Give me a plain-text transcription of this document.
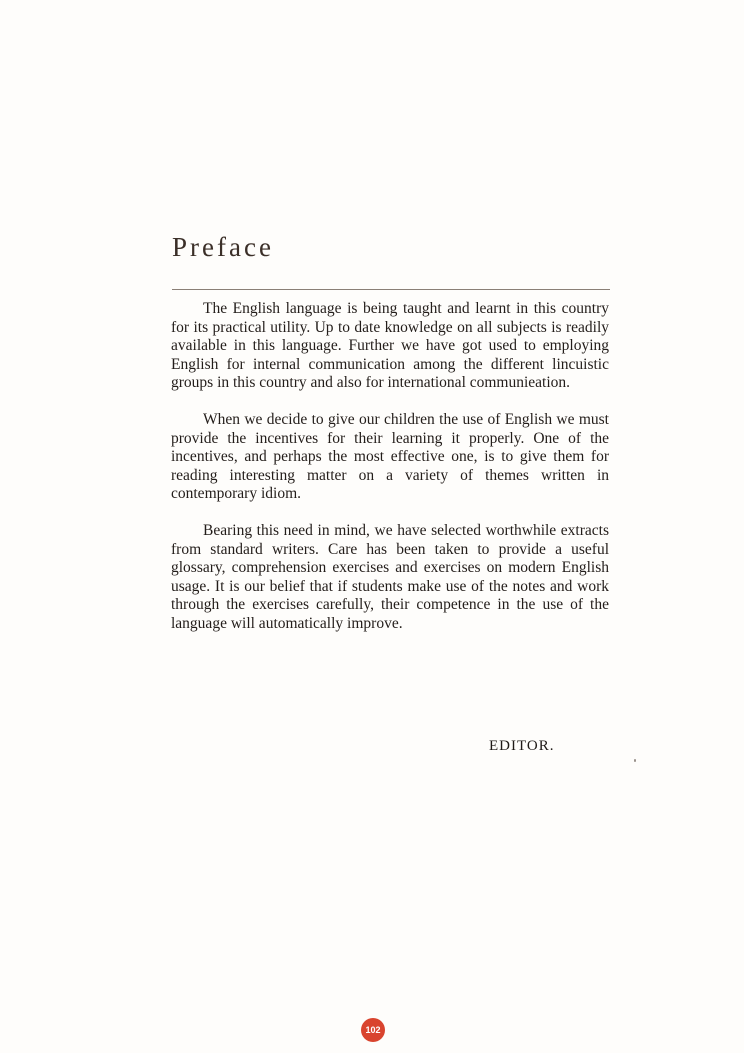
Preface

The English language is being taught and learnt in this country for its practical utility. Up to date knowledge on all subjects is readily available in this language. Further we have got used to employing English for internal communication among the different lincuistic groups in this country and also for international communieation.

When we decide to give our children the use of English we must provide the incentives for their learning it properly. One of the incentives, and perhaps the most effective one, is to give them for reading interesting matter on a variety of themes written in contemporary idiom.

Bearing this need in mind, we have selected worthwhile extracts from standard writers. Care has been taken to provide a useful glossary, comprehension exercises and exercises on modern English usage. It is our belief that if students make use of the notes and work through the exercises carefully, their competence in the use of the language will automatically improve.

EDITOR.
102
